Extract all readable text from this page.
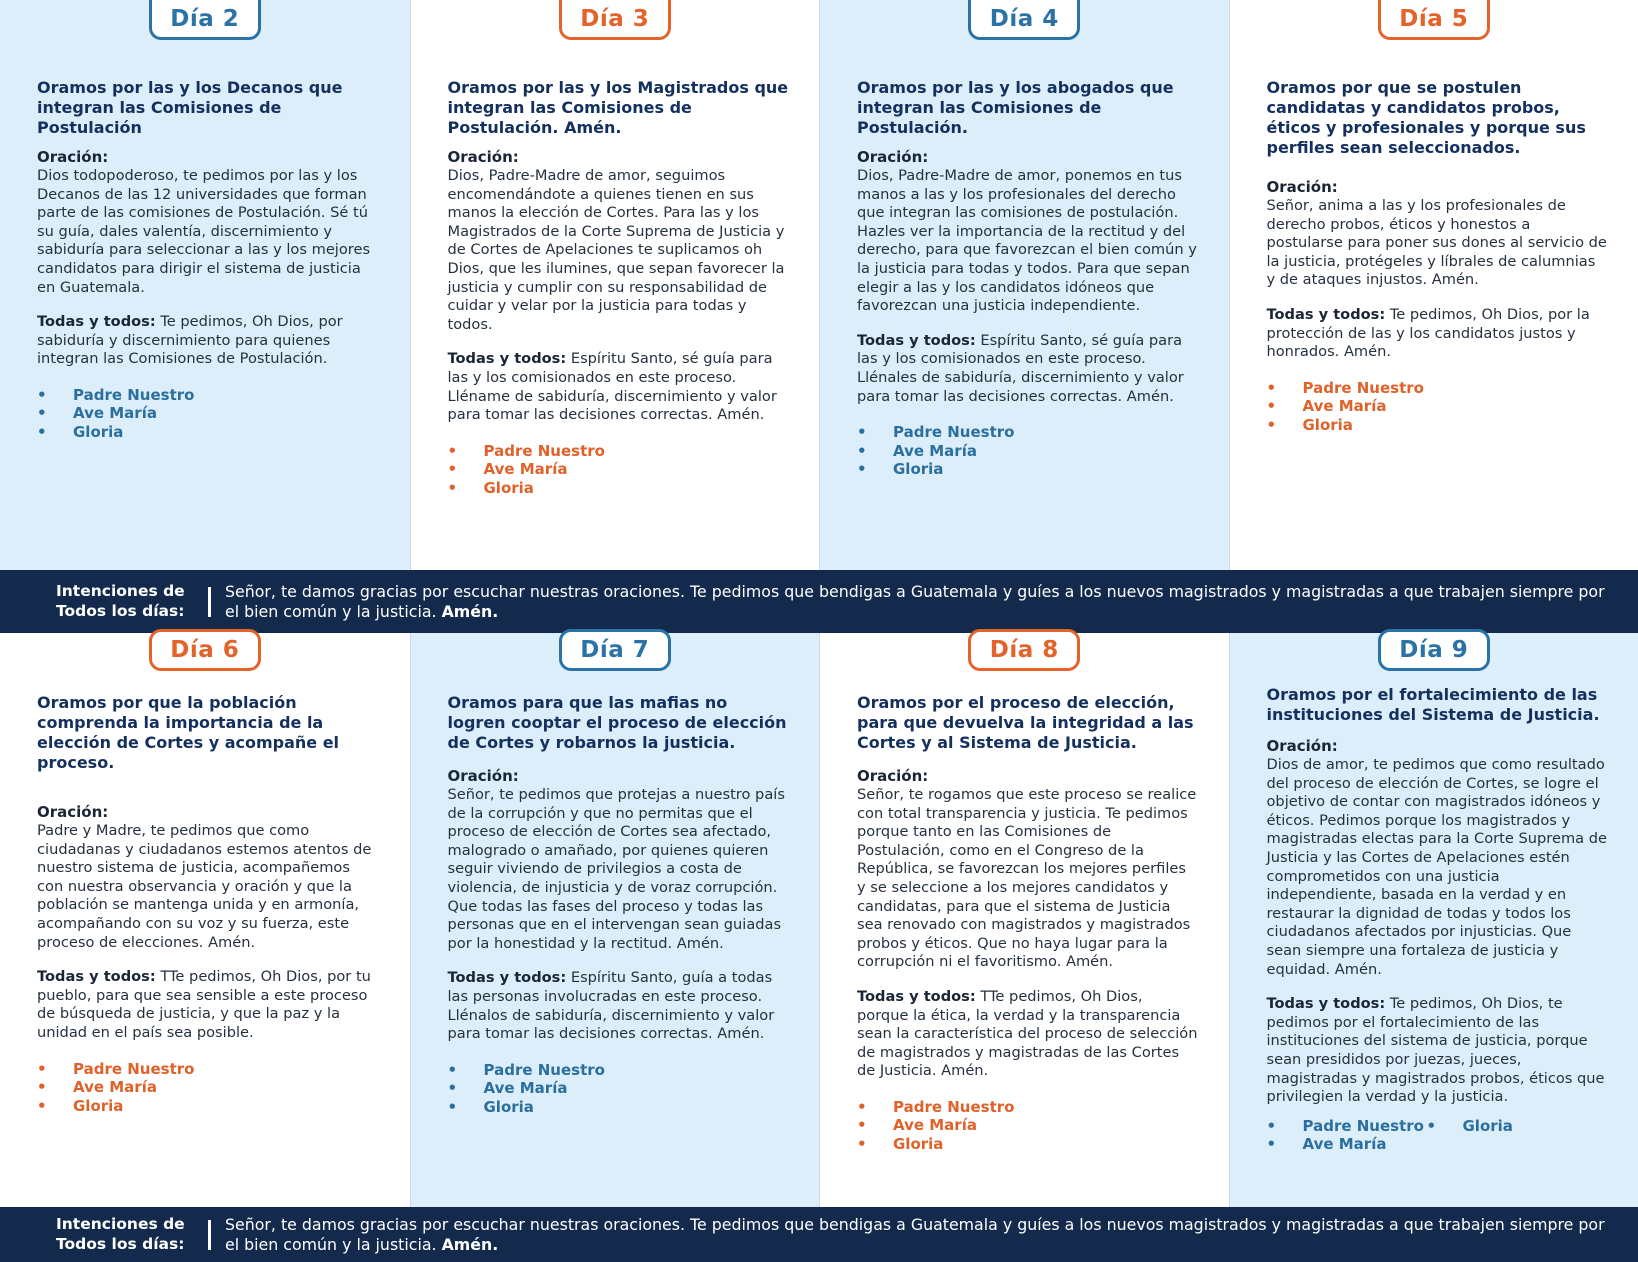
Día 2
Oramos por las y los Decanos que integran las Comisiones de Postulación
Oración:
Dios todopoderoso, te pedimos por las y los Decanos de las 12 universidades que forman parte de las comisiones de Postulación. Sé tú su guía, dales valentía, discernimiento y sabiduría para seleccionar a las y los mejores candidatos para dirigir el sistema de justicia en Guatemala.
Todas y todos: Te pedimos, Oh Dios, por sabiduría y discernimiento para quienes integran las Comisiones de Postulación.
• Padre Nuestro
• Ave María
• Gloria
Día 3
Oramos por las y los Magistrados que integran las Comisiones de Postulación. Amén.
Oración:
Dios, Padre-Madre de amor, seguimos encomendándote a quienes tienen en sus manos la elección de Cortes. Para las y los Magistrados de la Corte Suprema de Justicia y de Cortes de Apelaciones te suplicamos oh Dios, que les ilumines, que sepan favorecer la justicia y cumplir con su responsabilidad de cuidar y velar por la justicia para todas y todos.
Todas y todos: Espíritu Santo, sé guía para las y los comisionados en este proceso. Lléname de sabiduría, discernimiento y valor para tomar las decisiones correctas. Amén.
• Padre Nuestro
• Ave María
• Gloria
Día 4
Oramos por las y los abogados que integran las Comisiones de Postulación.
Oración:
Dios, Padre-Madre de amor, ponemos en tus manos a las y los profesionales del derecho que integran las comisiones de postulación. Hazles ver la importancia de la rectitud y del derecho, para que favorezcan el bien común y la justicia para todas y todos. Para que sepan elegir a las y los candidatos idóneos que favorezcan una justicia independiente.
Todas y todos: Espíritu Santo, sé guía para las y los comisionados en este proceso. Llénales de sabiduría, discernimiento y valor para tomar las decisiones correctas. Amén.
• Padre Nuestro
• Ave María
• Gloria
Día 5
Oramos por que se postulen candidatas y candidatos probos, éticos y profesionales y porque sus perfiles sean seleccionados.
Oración:
Señor, anima a las y los profesionales de derecho probos, éticos y honestos a postularse para poner sus dones al servicio de la justicia, protégeles y líbrales de calumnias y de ataques injustos. Amén.
Todas y todos: Te pedimos, Oh Dios, por la protección de las y los candidatos justos y honrados. Amén.
• Padre Nuestro
• Ave María
• Gloria
Intenciones de Todos los días:
Señor, te damos gracias por escuchar nuestras oraciones. Te pedimos que bendigas a Guatemala y guíes a los nuevos magistrados y magistradas a que trabajen siempre por el bien común y la justicia. Amén.
Día 6
Oramos por que la población comprenda la importancia de la elección de Cortes y acompañe el proceso.
Oración:
Padre y Madre, te pedimos que como ciudadanas y ciudadanos estemos atentos de nuestro sistema de justicia, acompañemos con nuestra observancia y oración y que la población se mantenga unida y en armonía, acompañando con su voz y su fuerza, este proceso de elecciones. Amén.
Todas y todos: TTe pedimos, Oh Dios, por tu pueblo, para que sea sensible a este proceso de búsqueda de justicia, y que la paz y la unidad en el país sea posible.
• Padre Nuestro
• Ave María
• Gloria
Día 7
Oramos para que las mafias no logren cooptar el proceso de elección de Cortes y robarnos la justicia.
Oración:
Señor, te pedimos que protejas a nuestro país de la corrupción y que no permitas que el proceso de elección de Cortes sea afectado, malogrado o amañado, por quienes quieren seguir viviendo de privilegios a costa de violencia, de injusticia y de voraz corrupción. Que todas las fases del proceso y todas las personas que en el intervengan sean guiadas por la honestidad y la rectitud. Amén.
Todas y todos: Espíritu Santo, guía a todas las personas involucradas en este proceso. Llénalos de sabiduría, discernimiento y valor para tomar las decisiones correctas. Amén.
• Padre Nuestro
• Ave María
• Gloria
Día 8
Oramos por el proceso de elección, para que devuelva la integridad a las Cortes y al Sistema de Justicia.
Oración:
Señor, te rogamos que este proceso se realice con total transparencia y justicia. Te pedimos porque tanto en las Comisiones de Postulación, como en el Congreso de la República, se favorezcan los mejores perfiles y se seleccione a los mejores candidatos y candidatas, para que el sistema de Justicia sea renovado con magistrados y magistrados probos y éticos. Que no haya lugar para la corrupción ni el favoritismo. Amén.
Todas y todos: TTe pedimos, Oh Dios, porque la ética, la verdad y la transparencia sean la característica del proceso de selección de magistrados y magistradas de las Cortes de Justicia. Amén.
• Padre Nuestro
• Ave María
• Gloria
Día 9
Oramos por el fortalecimiento de las instituciones del Sistema de Justicia.
Oración:
Dios de amor, te pedimos que como resultado del proceso de elección de Cortes, se logre el objetivo de contar con magistrados idóneos y éticos. Pedimos porque los magistrados y magistradas electas para la Corte Suprema de Justicia y las Cortes de Apelaciones estén comprometidos con una justicia independiente, basada en la verdad y en restaurar la dignidad de todas y todos los ciudadanos afectados por injusticias. Que sean siempre una fortaleza de justicia y equidad. Amén.
Todas y todos: Te pedimos, Oh Dios, te pedimos por el fortalecimiento de las instituciones del sistema de justicia, porque sean presididos por juezas, jueces, magistradas y magistrados probos, éticos que privilegien la verdad y la justicia.
• Padre Nuestro
•	Gloria
• Ave María
Intenciones de Todos los días:
Señor, te damos gracias por escuchar nuestras oraciones. Te pedimos que bendigas a Guatemala y guíes a los nuevos magistrados y magistradas a que trabajen siempre por el bien común y la justicia. Amén.
